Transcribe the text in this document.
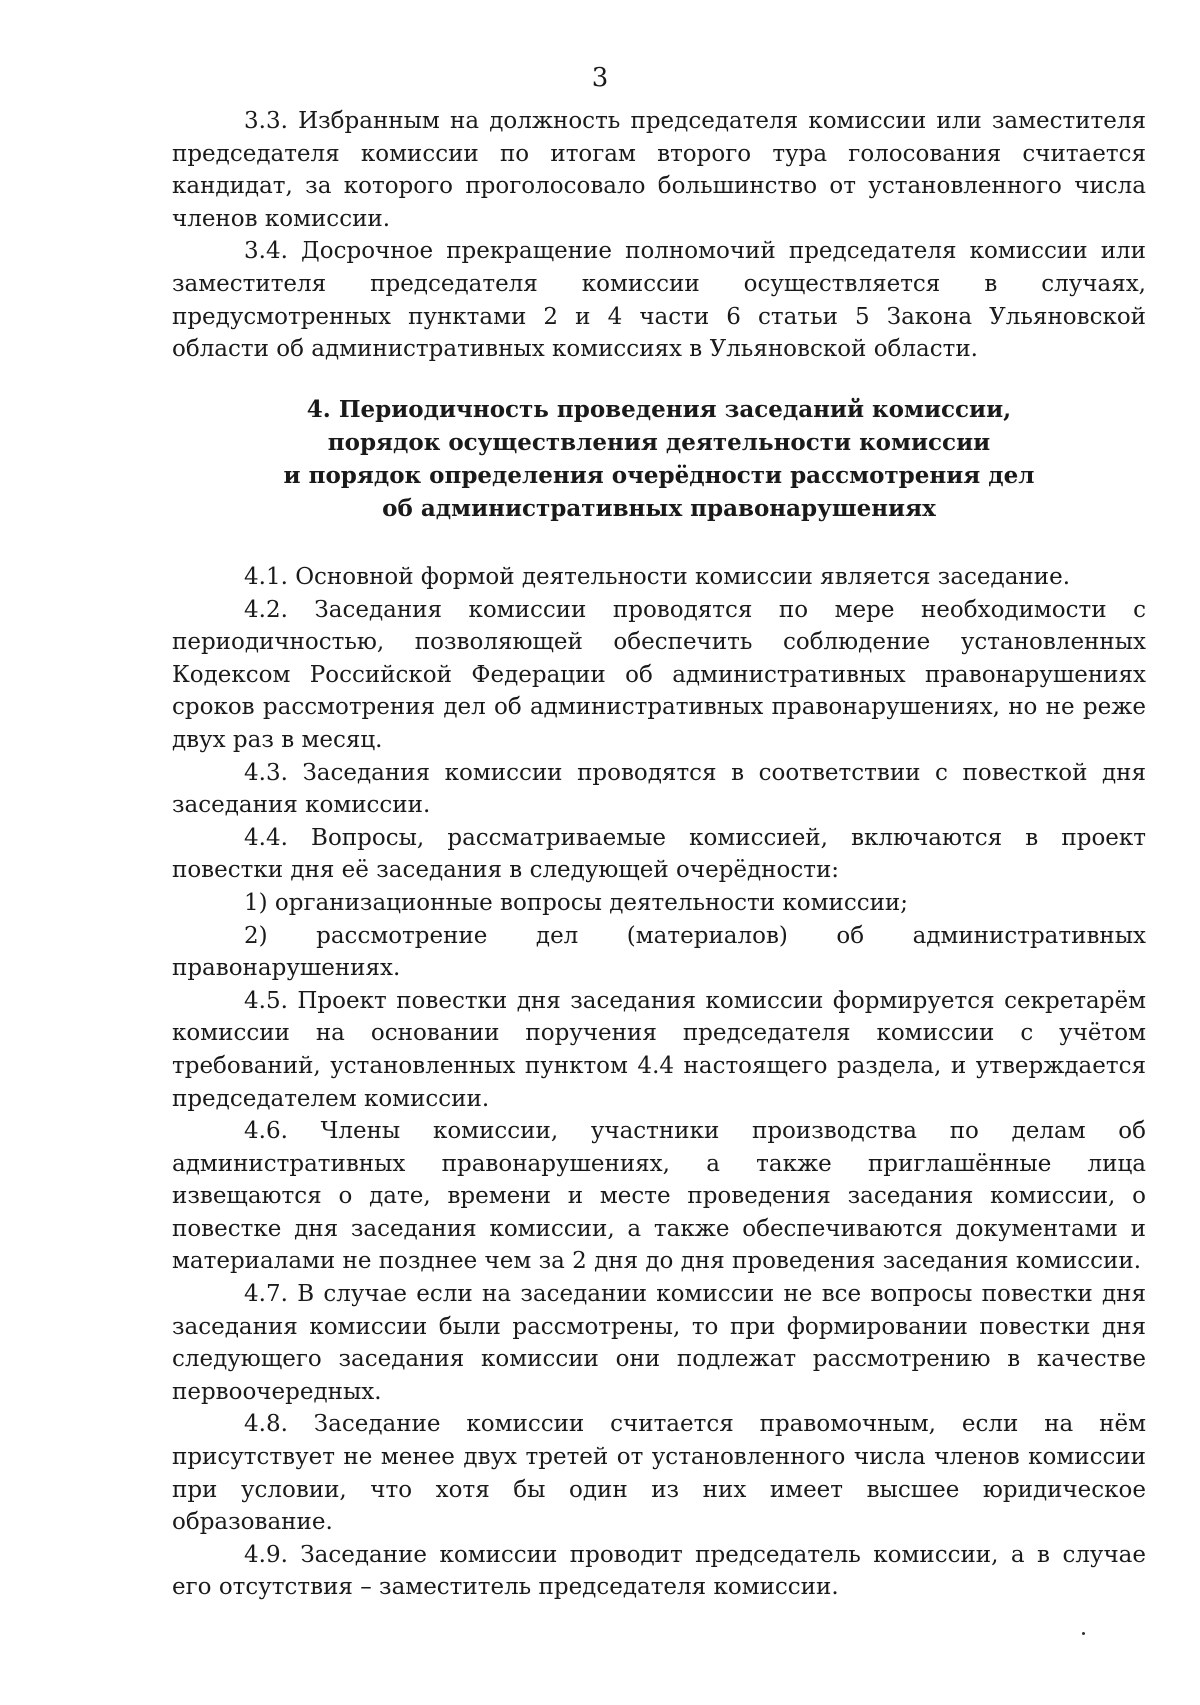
3

3.3. Избранным на должность председателя комиссии или заместителя председателя комиссии по итогам второго тура голосования считается кандидат, за которого проголосовало большинство от установленного числа членов комиссии.

3.4. Досрочное прекращение полномочий председателя комиссии или заместителя председателя комиссии осуществляется в случаях, предусмотренных пунктами 2 и 4 части 6 статьи 5 Закона Ульяновской области об административных комиссиях в Ульяновской области.

4. Периодичность проведения заседаний комиссии,
порядок осуществления деятельности комиссии
и порядок определения очерёдности рассмотрения дел
об административных правонарушениях

4.1. Основной формой деятельности комиссии является заседание.

4.2. Заседания комиссии проводятся по мере необходимости с периодичностью, позволяющей обеспечить соблюдение установленных Кодексом Российской Федерации об административных правонарушениях сроков рассмотрения дел об административных правонарушениях, но не реже двух раз в месяц.

4.3. Заседания комиссии проводятся в соответствии с повесткой дня заседания комиссии.

4.4. Вопросы, рассматриваемые комиссией, включаются в проект повестки дня её заседания в следующей очерёдности:

1) организационные вопросы деятельности комиссии;

2) рассмотрение дел (материалов) об административных правонарушениях.

4.5. Проект повестки дня заседания комиссии формируется секретарём комиссии на основании поручения председателя комиссии с учётом требований, установленных пунктом 4.4 настоящего раздела, и утверждается председателем комиссии.

4.6. Члены комиссии, участники производства по делам об административных правонарушениях, а также приглашённые лица извещаются о дате, времени и месте проведения заседания комиссии, о повестке дня заседания комиссии, а также обеспечиваются документами и материалами не позднее чем за 2 дня до дня проведения заседания комиссии.

4.7. В случае если на заседании комиссии не все вопросы повестки дня заседания комиссии были рассмотрены, то при формировании повестки дня следующего заседания комиссии они подлежат рассмотрению в качестве первоочередных.

4.8. Заседание комиссии считается правомочным, если на нём присутствует не менее двух третей от установленного числа членов комиссии при условии, что хотя бы один из них имеет высшее юридическое образование.

4.9. Заседание комиссии проводит председатель комиссии, а в случае его отсутствия – заместитель председателя комиссии.
